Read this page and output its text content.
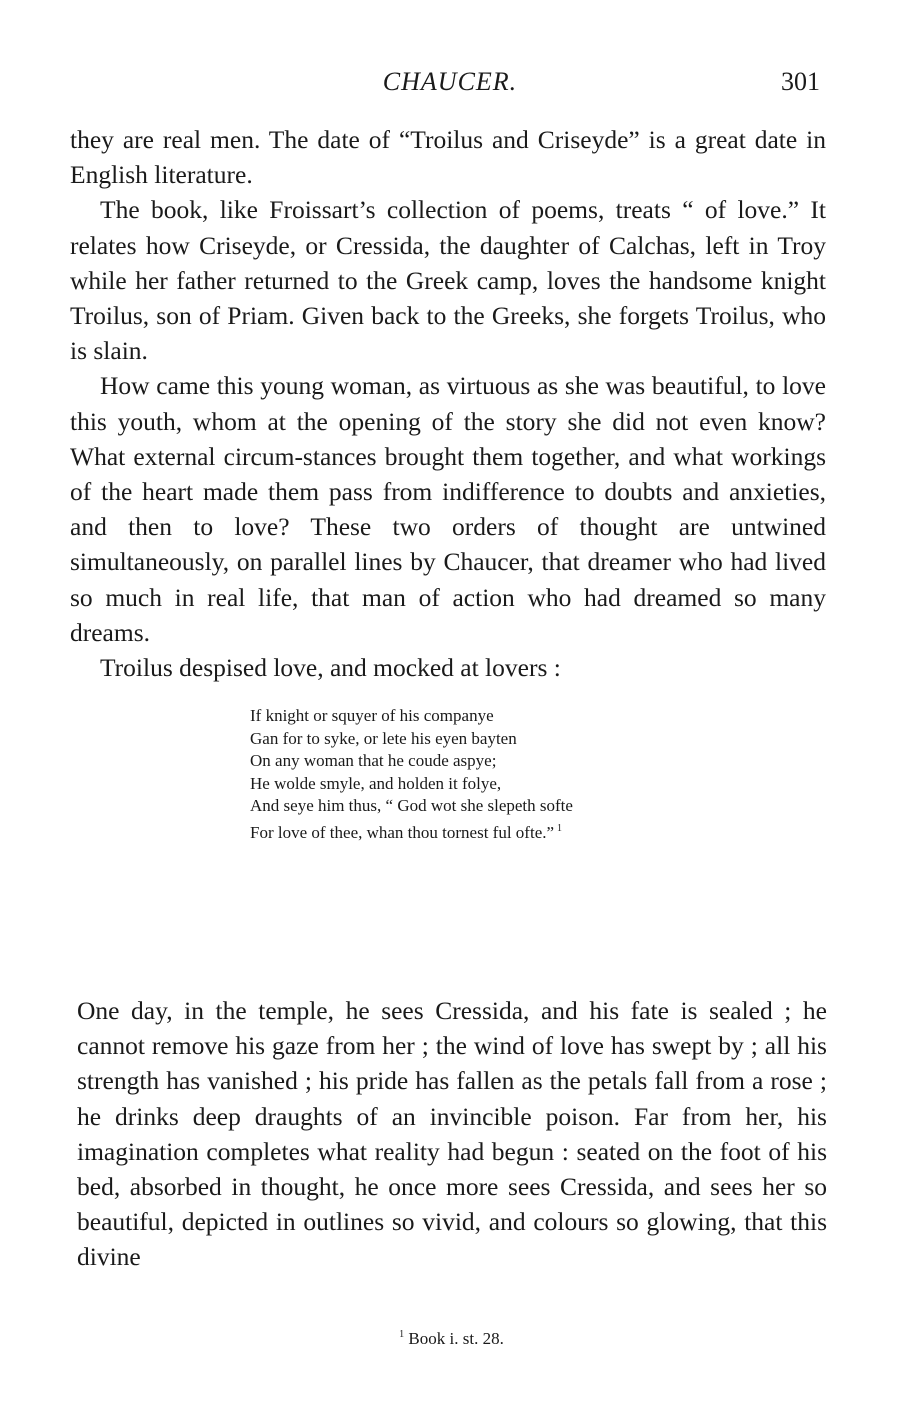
CHAUCER.	301

they are real men. The date of “Troilus and Criseyde” is a great date in English literature.

The book, like Froissart’s collection of poems, treats “ of love.” It relates how Criseyde, or Cressida, the daughter of Calchas, left in Troy while her father returned to the Greek camp, loves the handsome knight Troilus, son of Priam. Given back to the Greeks, she forgets Troilus, who is slain.

How came this young woman, as virtuous as she was beautiful, to love this youth, whom at the opening of the story she did not even know? What external circum-stances brought them together, and what workings of the heart made them pass from indifference to doubts and anxieties, and then to love? These two orders of thought are untwined simultaneously, on parallel lines by Chaucer, that dreamer who had lived so much in real life, that man of action who had dreamed so many dreams.

Troilus despised love, and mocked at lovers :

If knight or squyer of his companye
Gan for to syke, or lete his eyen bayten
On any woman that he coude aspye;
He wolde smyle, and holden it folye,
And seye him thus, “ God wot she slepeth softe
For love of thee, whan thou tornest ful ofte.” $^1$

One day, in the temple, he sees Cressida, and his fate is sealed ; he cannot remove his gaze from her ; the wind of love has swept by ; all his strength has vanished ; his pride has fallen as the petals fall from a rose ; he drinks deep draughts of an invincible poison. Far from her, his imagination completes what reality had begun : seated on the foot of his bed, absorbed in thought, he once more sees Cressida, and sees her so beautiful, depicted in outlines so vivid, and colours so glowing, that this divine

$^1$ Book i. st. 28.
